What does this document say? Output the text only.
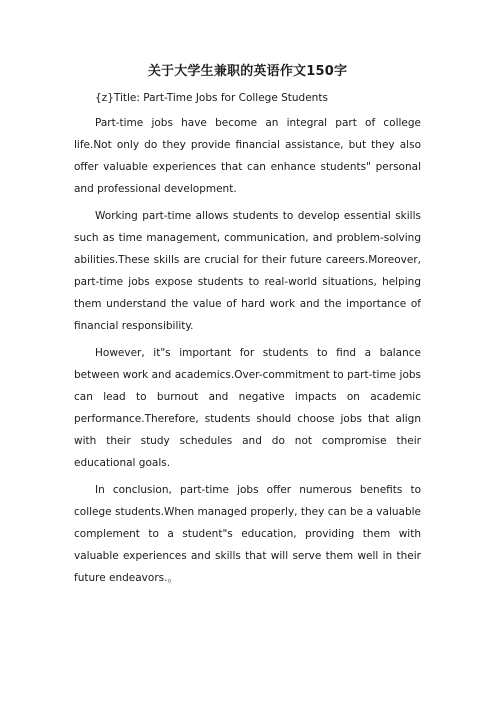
关于大学生兼职的英语作文150字

{z}Title: Part-Time Jobs for College Students

Part-time jobs have become an integral part of college life.Not only do they provide financial assistance, but they also offer valuable experiences that can enhance students" personal and professional development.

Working part-time allows students to develop essential skills such as time management, communication, and problem-solving abilities.These skills are crucial for their future careers.Moreover, part-time jobs expose students to real-world situations, helping them understand the value of hard work and the importance of financial responsibility.

However, it"s important for students to find a balance between work and academics.Over-commitment to part-time jobs can lead to burnout and negative impacts on academic performance.Therefore, students should choose jobs that align with their study schedules and do not compromise their educational goals.

In conclusion, part-time jobs offer numerous benefits to college students.When managed properly, they can be a valuable complement to a student"s education, providing them with valuable experiences and skills that will serve them well in their future endeavors.。
